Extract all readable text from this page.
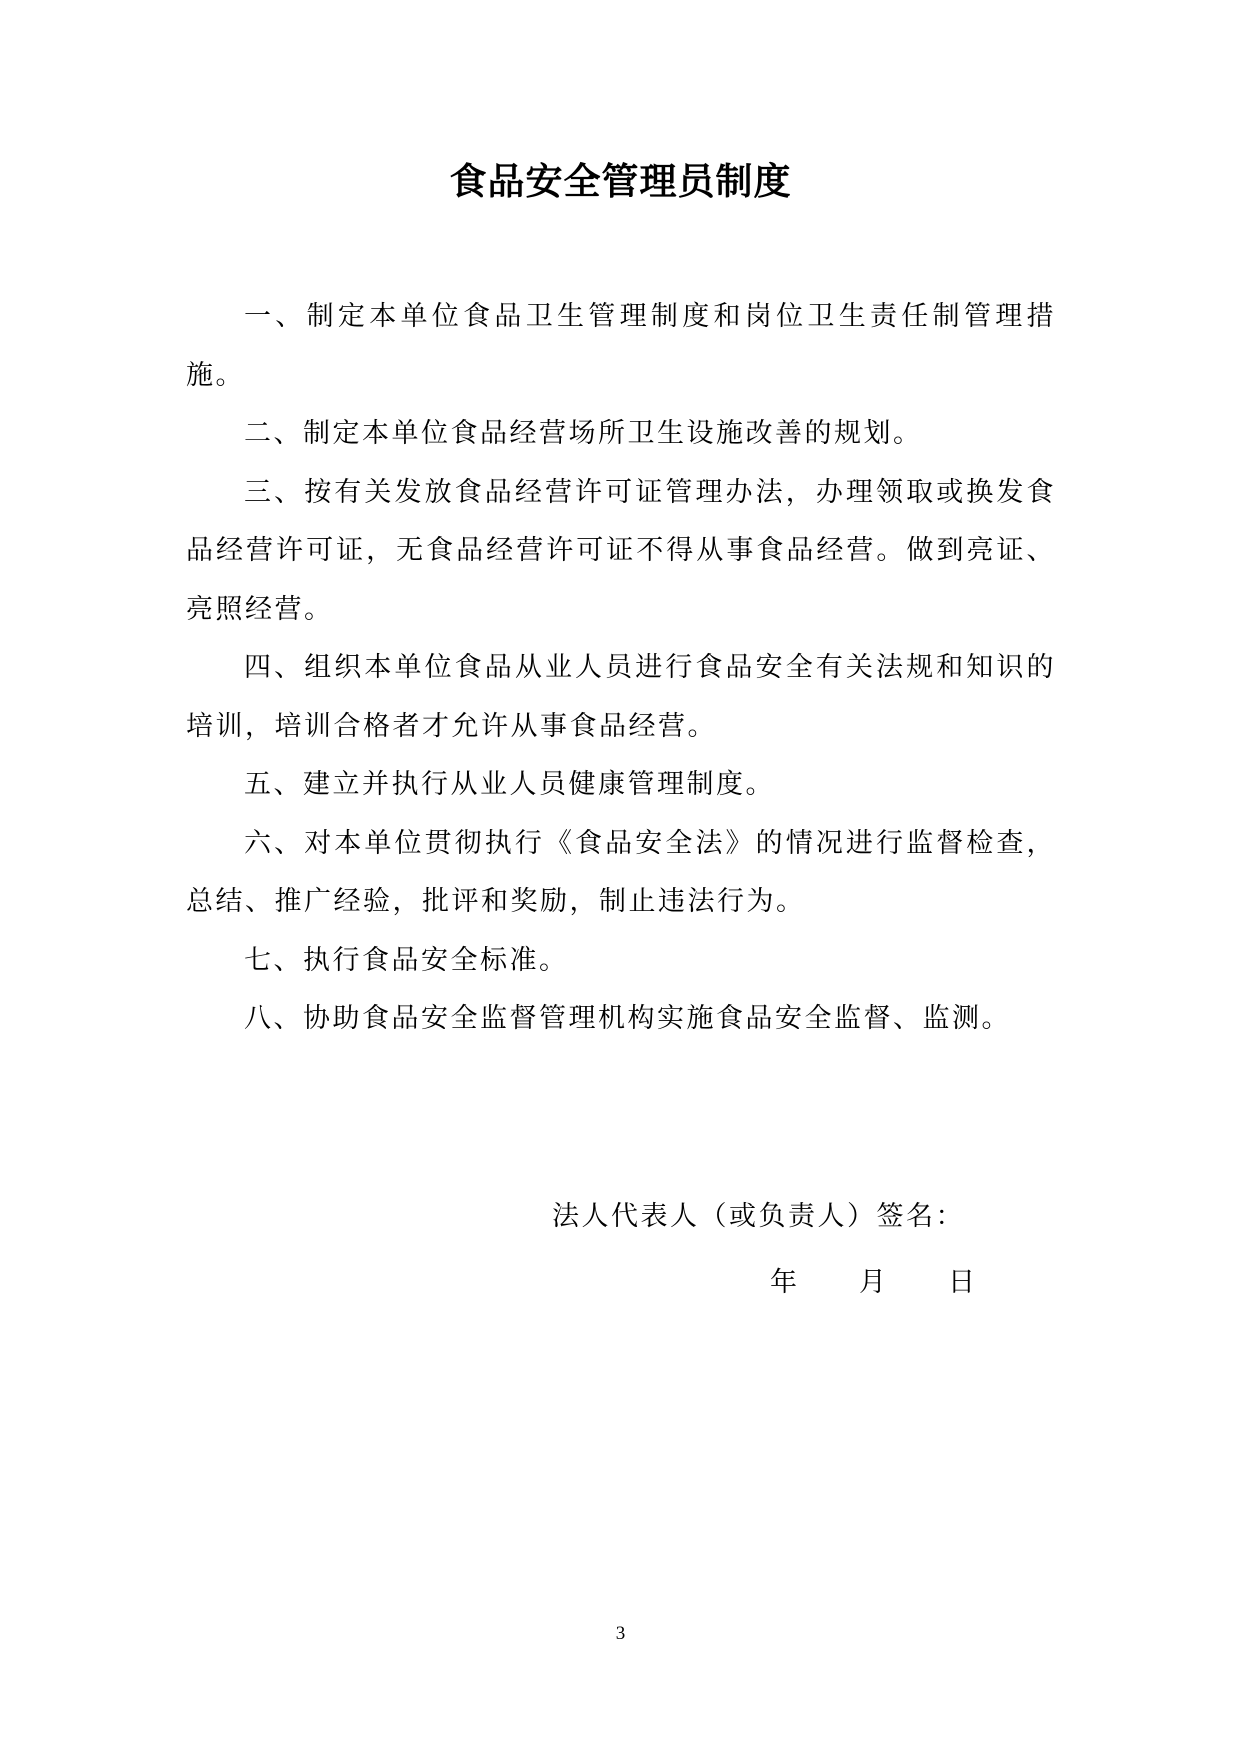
食品安全管理员制度

一、制定本单位食品卫生管理制度和岗位卫生责任制管理措施。

二、制定本单位食品经营场所卫生设施改善的规划。

三、按有关发放食品经营许可证管理办法，办理领取或换发食品经营许可证，无食品经营许可证不得从事食品经营。做到亮证、亮照经营。

四、组织本单位食品从业人员进行食品安全有关法规和知识的培训，培训合格者才允许从事食品经营。

五、建立并执行从业人员健康管理制度。

六、对本单位贯彻执行《食品安全法》的情况进行监督检查，总结、推广经验，批评和奖励，制止违法行为。

七、执行食品安全标准。

八、协助食品安全监督管理机构实施食品安全监督、监测。

法人代表人（或负责人）签名：
年 月 日
3
